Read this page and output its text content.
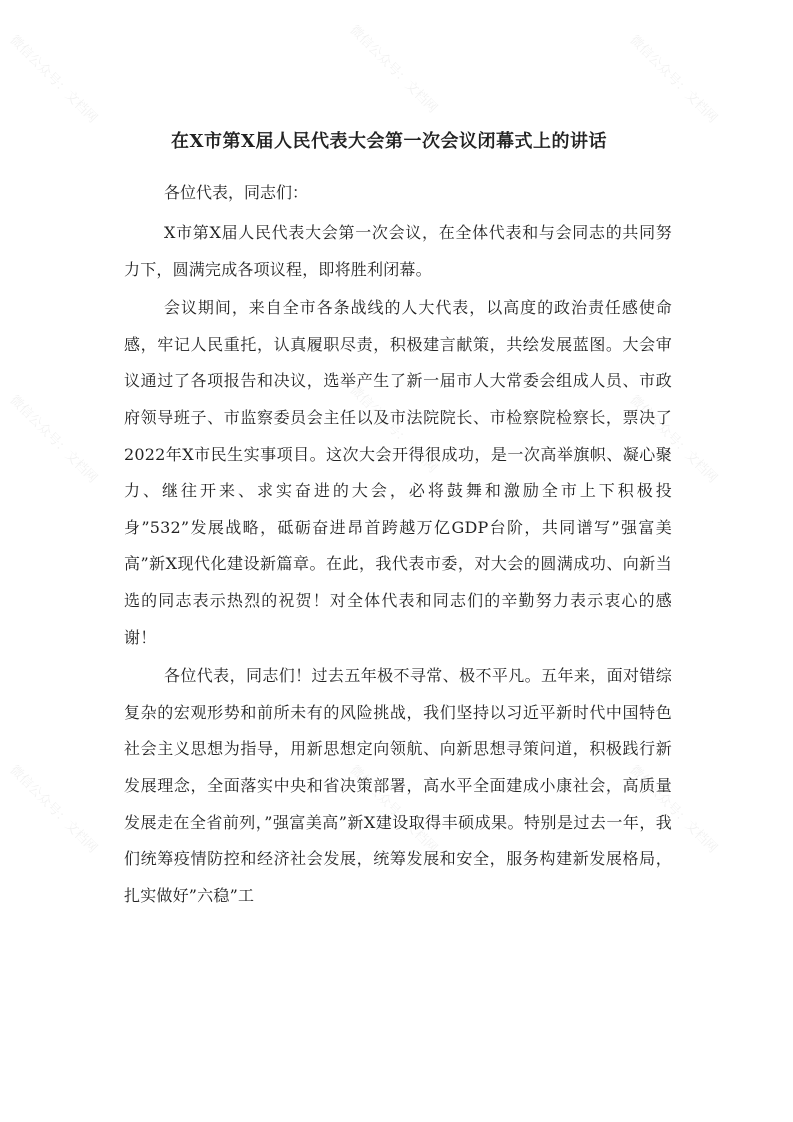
微信公众号：文档网	微信公众号：文档网	微信公众号：文档网
微信公众号：文档网	微信公众号：文档网	微信公众号：文档网
微信公众号：文档网	微信公众号：文档网	微信公众号：文档网
在X市第X届人民代表大会第一次会议闭幕式上的讲话

各位代表，同志们：

X市第X届人民代表大会第一次会议，在全体代表和与会同志的共同努力下，圆满完成各项议程，即将胜利闭幕。

会议期间，来自全市各条战线的人大代表，以高度的政治责任感使命感，牢记人民重托，认真履职尽责，积极建言献策，共绘发展蓝图。大会审议通过了各项报告和决议，选举产生了新一届市人大常委会组成人员、市政府领导班子、市监察委员会主任以及市法院院长、市检察院检察长，票决了2022年X市民生实事项目。这次大会开得很成功，是一次高举旗帜、凝心聚力、继往开来、求实奋进的大会，必将鼓舞和激励全市上下积极投身”532”发展战略，砥砺奋进昂首跨越万亿GDP台阶，共同谱写”强富美高”新X现代化建设新篇章。在此，我代表市委，对大会的圆满成功、向新当选的同志表示热烈的祝贺！对全体代表和同志们的辛勤努力表示衷心的感谢！

各位代表，同志们！过去五年极不寻常、极不平凡。五年来，面对错综复杂的宏观形势和前所未有的风险挑战，我们坚持以习近平新时代中国特色社会主义思想为指导，用新思想定向领航、向新思想寻策问道，积极践行新发展理念，全面落实中央和省决策部署，高水平全面建成小康社会，高质量发展走在全省前列，”强富美高”新X建设取得丰硕成果。特别是过去一年，我们统筹疫情防控和经济社会发展，统筹发展和安全，服务构建新发展格局，扎实做好”六稳”工
